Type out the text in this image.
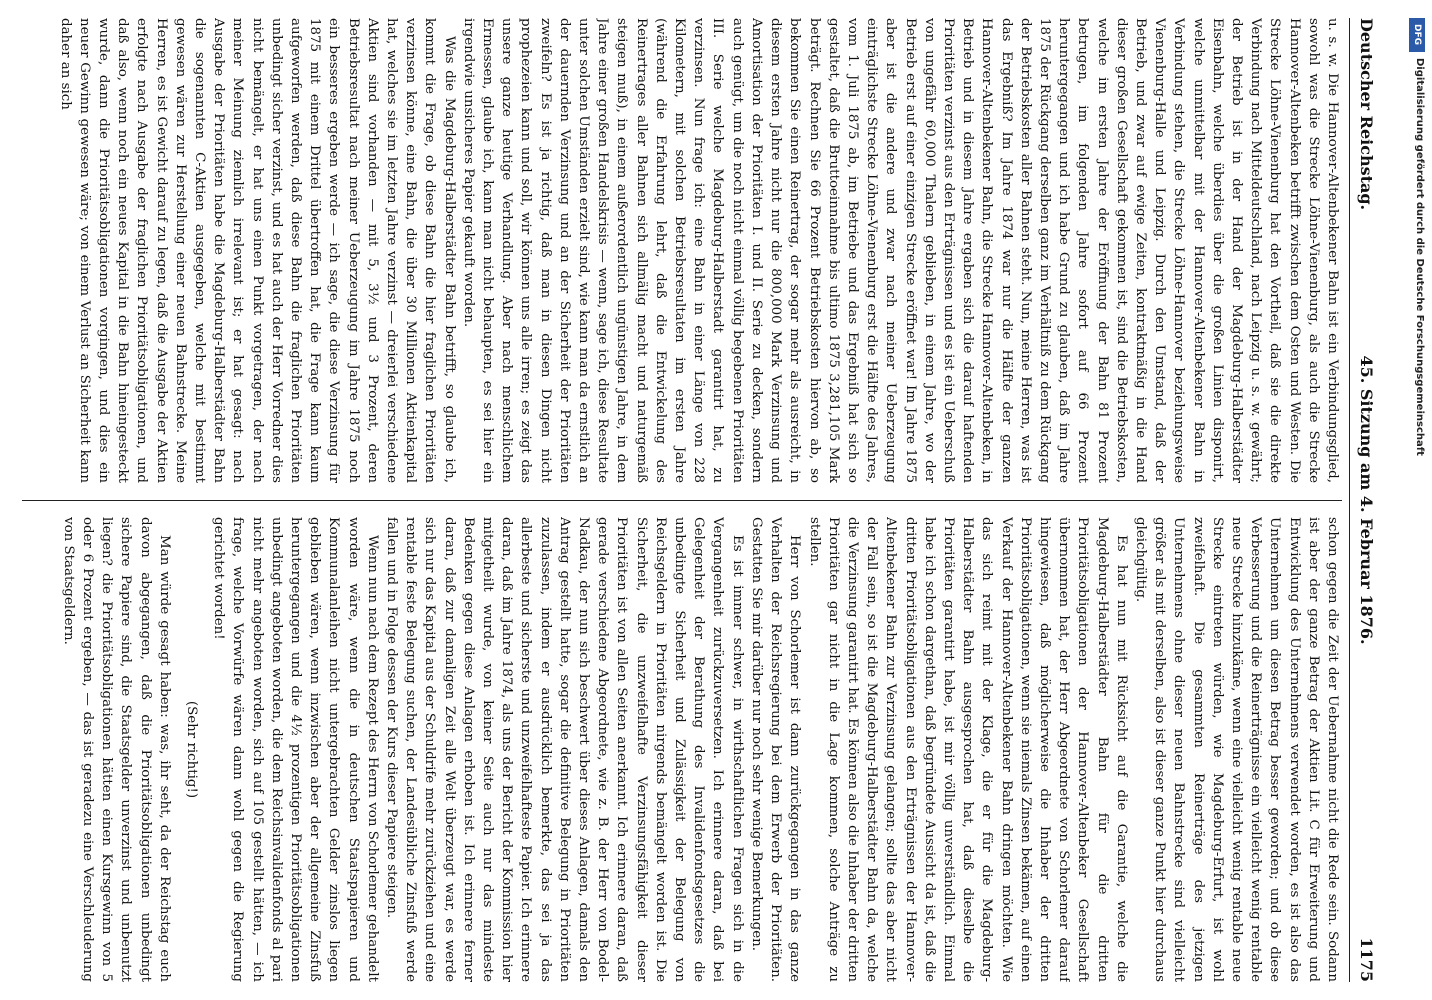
Deutscher Reichstag.
45. Sitzung am 4. Februar 1876.
1175

u. s. w. Die Hannover-Altenbekener Bahn ist ein Verbindungsglied, sowohl was die Strecke Löhne-Vienenburg, als auch die Strecke Hannover-Altenbeken betrifft zwischen dem Osten und Westen. Die Strecke Löhne-Vienenburg hat den Vortheil, daß sie die direkte Verbindung nach Mitteldeutschland, nach Leipzig u. s. w. gewährt; der Betrieb ist in der Hand der Magdeburg-Halberstädter Eisenbahn, welche überdies über die großen Linien disponirt, welche unmittelbar mit der Hannover-Altenbekener Bahn in Verbindung stehen, die Strecke Löhne-Hannover beziehungsweise Vienenburg-Halle und Leipzig. Durch den Umstand, daß der Betrieb, und zwar auf ewige Zeiten, kontraktmäßig in die Hand dieser großen Gesellschaft gekommen ist, sind die Betriebskosten, welche im ersten Jahre der Eröffnung der Bahn 81 Prozent betrugen, im folgenden Jahre sofort auf 66 Prozent heruntergegangen und ich habe Grund zu glauben, daß im Jahre 1875 der Rückgang derselben ganz im Verhältniß zu dem Rückgang der Betriebskosten aller Bahnen steht. Nun, meine Herren, was ist das Ergebniß? Im Jahre 1874 war nur die Hälfte der ganzen Hannover-Altenbekener Bahn, die Strecke Hannover-Altenbeken, in Betrieb und in diesem Jahre ergaben sich die darauf haftenden Prioritäten verzinst aus den Erträgnissen und es ist ein Ueberschuß von ungefähr 60,000 Thalern geblieben, in einem Jahre, wo der Betrieb erst auf einer einzigen Strecke eröffnet war! Im Jahre 1875 aber ist die andere und zwar nach meiner Ueberzeugung einträglichste Strecke Löhne-Vienenburg erst die Hälfte des Jahres, vom 1. Juli 1875 ab, im Betriebe und das Ergebniß hat sich so gestaltet, daß die Bruttoeinnahme bis ultimo 1875 3,281,105 Mark beträgt. Rechnen Sie 66 Prozent Betriebskosten hiervon ab, so bekommen Sie einen Reinertrag, der sogar mehr als ausreicht, in diesem ersten Jahre nicht nur die 800,000 Mark Verzinsung und Amortisation der Prioritäten I. und II. Serie zu decken, sondern auch genügt, um die noch nicht einmal völlig begebenen Prioritäten III. Serie welche Magdeburg-Halberstadt garantirt hat, zu verzinsen. Nun frage ich: eine Bahn in einer Länge von 228 Kilometern, mit solchen Betriebsresultaten im ersten Jahre (während die Erfahrung lehrt, daß die Entwickelung des Reinertrages aller Bahnen sich allmälig macht und naturgemäß steigen muß), in einem außerordentlich ungünstigen Jahre, in dem Jahre einer großen Handelskrisis — wenn, sage ich, diese Resultate unter solchen Umständen erzielt sind, wie kann man da ernstlich an der dauernden Verzinsung und an der Sicherheit der Prioritäten zweifeln? Es ist ja richtig, daß man in diesen Dingen nicht prophezeien kann und soll, wir können uns alle irren; es zeigt das unsere ganze heutige Verhandlung. Aber nach menschlichem Ermessen, glaube ich, kann man nicht behaupten, es sei hier ein irgendwie unsicheres Papier gekauft worden.

Was die Magdeburg-Halberstädter Bahn betrifft, so glaube ich, kommt die Frage, ob diese Bahn die hier fraglichen Prioritäten verzinsen könne, eine Bahn, die über 30 Millionen Aktienkapital hat, welches sie im letzten Jahre verzinst — dreierlei verschiedene Aktien sind vorhanden — mit 5, 3½ und 3 Prozent, deren Betriebsresultat nach meiner Ueberzeugung im Jahre 1875 noch ein besseres ergeben werde — ich sage, die diese Verzinsung für 1875 mit einem Drittel übertroffen hat, die Frage kann kaum aufgeworfen werden, daß diese Bahn die fraglichen Prioritäten unbedingt sicher verzinst, und es hat auch der Herr Vorredner dies nicht bemängelt, er hat uns einen Punkt vorgetragen, der nach meiner Meinung ziemlich irrelevant ist; er hat gesagt: nach Ausgabe der Prioritäten habe die Magdeburg-Halberstädter Bahn die sogenannten C-Aktien ausgegeben, welche mit bestimmt gewesen wären zur Herstellung einer neuen Bahnstrecke. Meine Herren, es ist Gewicht darauf zu legen, daß die Ausgabe der Aktien erfolgte nach Ausgabe der fraglichen Prioritätsobligationen, und daß also, wenn noch ein neues Kapital in die Bahn hineingesteckt wurde, dann die Prioritätsobligationen vorgingen, und dies ein neuer Gewinn gewesen wäre; von einem Verlust an Sicherheit kann daher an sich

schon gegen die Zeit der Uebernahme nicht die Rede sein. Sodann ist aber der ganze Betrag der Aktien Lit. C für Erweiterung und Entwicklung des Unternehmens verwendet worden, es ist also das Unternehmen um diesen Betrag besser geworden; und ob diese Verbesserung und die Reinerträgnisse ein vielleicht wenig rentable neue Strecke hinzukäme, wenn eine vielleicht wenig rentable neue Strecke eintreten würden, wie Magdeburg-Erfurt, ist wohl zweifelhaft. Die gesammten Reinerträge des jetzigen Unternehmens ohne dieser neuen Bahnstrecke sind vielleicht größer als mit derselben, also ist dieser ganze Punkt hier durchaus gleichgültig.

Es hat nun mit Rücksicht auf die Garantie, welche die Magdeburg-Halberstädter Bahn für die dritten Prioritätsobligationen der Hannover-Altenbeker Gesellschaft übernommen hat, der Herr Abgeordnete von Schorlemer darauf hingewiesen, daß möglicherweise die Inhaber der dritten Prioritätsobligationen, wenn sie niemals Zinsen bekämen, auf einen Verkauf der Hannover-Altenbekener Bahn dringen möchten. Wie das sich reimt mit der Klage, die er für die Magdeburg-Halberstädter Bahn ausgesprochen hat, daß dieselbe die Prioritäten garantirt habe, ist mir völlig unverständlich. Einmal habe ich schon dargethan, daß begründete Aussicht da ist, daß die dritten Prioritätsobligationen aus den Erträgnissen der Hannover-Altenbekener Bahn zur Verzinsung gelangen; sollte das aber nicht der Fall sein, so ist die Magdeburg-Halberstädter Bahn da, welche die Verzinsung garantirt hat. Es können also die Inhaber der dritten Prioritäten gar nicht in die Lage kommen, solche Anträge zu stellen.

Herr von Schorlemer ist dann zurückgegangen in das ganze Verhalten der Reichsregierung bei dem Erwerb der Prioritäten. Gestatten Sie mir darüber nur noch sehr wenige Bemerkungen.

Es ist immer schwer, in wirthschaftlichen Fragen sich in die Vergangenheit zurückzuversetzen. Ich erinnere daran, daß bei Gelegenheit der Berathung des Invalidenfondsgesetzes die unbedingte Sicherheit und Zulässigkeit der Belegung von Reichsgeldern in Prioritäten nirgends bemängelt worden ist. Die Sicherheit, die unzweifelhafte Verzinsungsfähigkeit dieser Prioritäten ist von allen Seiten anerkannt. Ich erinnere daran, daß gerade verschiedene Abgeordnete, wie z. B. der Herr von Bodel-Nadkau, der nun sich beschwert über dieses Anlagen, damals den Antrag gestellt hatte, sogar die definitive Belegung in Prioritäten zuzulassen, indem er ausdrücklich bemerkte, das sei ja das allerbeste und sicherste und unzweifelhafteste Papier. Ich erinnere daran, daß im Jahre 1874, als uns der Bericht der Kommission hier mitgetheilt wurde, von keiner Seite auch nur das mindeste Bedenken gegen diese Anlagen erhoben ist. Ich erinnere ferner daran, daß zur damaligen Zeit alle Welt überzeugt war, es werde sich nur das Kapital aus der Schuldrife mehr zurückziehen und eine rentable feste Belegung suchen, der Landesübliche Zinsfuß werde fallen und in Folge dessen der Kurs dieser Papiere steigen.

Wenn nun nach dem Rezept des Herrn von Schorlemer gehandelt worden wäre, wenn die in deutschen Staatspapieren und Kommunalanleihen nicht untergebrachten Gelder zinslos liegen geblieben wären, wenn inzwischen aber der allgemeine Zinsfuß heruntergegangen und die 4½ prozentigen Prioritätsobligationen unbedingt angeboten worden, die dem Reichsinvalidenfonds al pari nicht mehr angeboten worden, sich auf 105 gestellt hätten, — ich frage, welche Vorwürfe wären dann wohl gegen die Regierung gerichtet worden!

(Sehr richtig!)

Man würde gesagt haben: was, ihr seht, da der Reichstag euch davon abgegangen, daß die Prioritätsobligationen unbedingt sichere Papiere sind, die Staatsgelder unverzinst und unbenutzt liegen? die Prioritätsobligationen hätten einen Kursgewinn von 5 oder 6 Prozent ergeben, — das ist geradezu eine Verschleuderung von Staatsgeldern.

DFG
Digitalisierung gefördert durch die Deutsche Forschungsgemeinschaft
